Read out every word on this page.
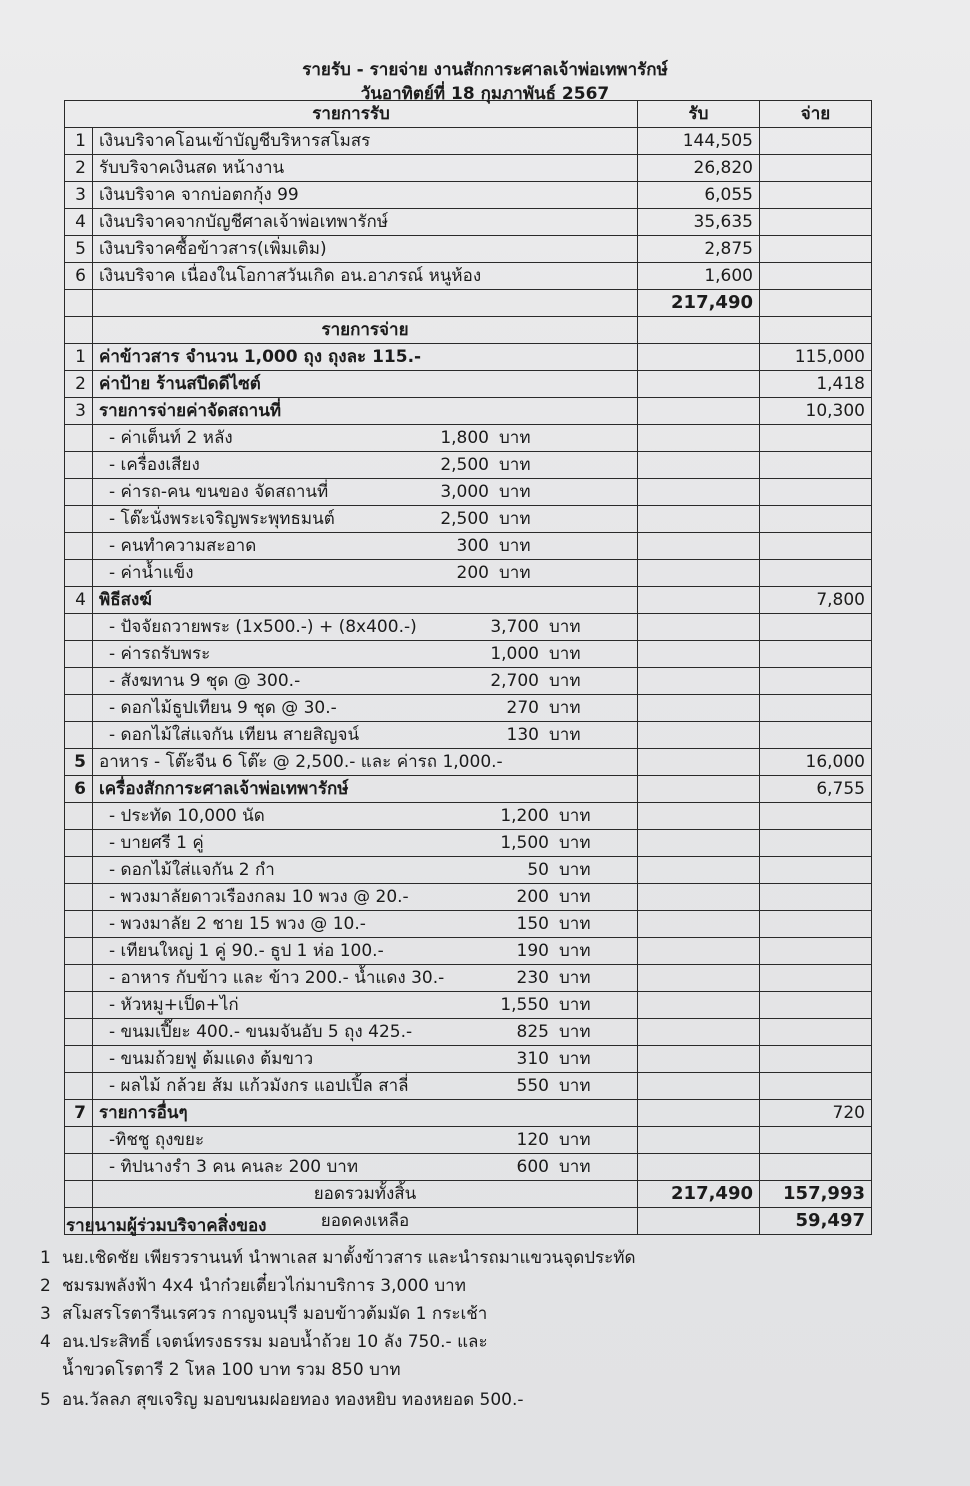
รายรับ - รายจ่าย งานสักการะศาลเจ้าพ่อเทพารักษ์
วันอาทิตย์ที่ 18 กุมภาพันธ์ 2567
รายการรับ		รับ	จ่าย
1	เงินบริจาคโอนเข้าบัญชีบริหารสโมสร	144,505	
2	รับบริจาคเงินสด หน้างาน	26,820	
3	เงินบริจาค จากบ่อตกกุ้ง 99	6,055	
4	เงินบริจาคจากบัญชีศาลเจ้าพ่อเทพารักษ์	35,635	
5	เงินบริจาคซื้อข้าวสาร(เพิ่มเติม)	2,875	
6	เงินบริจาค เนื่องในโอกาสวันเกิด อน.อาภรณ์ หนูห้อง	1,600	
		217,490	
	รายการจ่าย		
1	ค่าข้าวสาร จำนวน 1,000 ถุง ถุงละ 115.-		115,000
2	ค่าป้าย ร้านสปีดดีไซต์		1,418
3	รายการจ่ายค่าจัดสถานที่		10,300

	- ค่าเต็นท์ 2 หลัง 1,800 บาท		

	- เครื่องเสียง 2,500 บาท		

	- ค่ารถ-คน ขนของ จัดสถานที่ 3,000 บาท		

	- โต๊ะนั่งพระเจริญพระพุทธมนต์ 2,500 บาท		

	- คนทำความสะอาด 300 บาท		

	- ค่าน้ำแข็ง 200 บาท		

4	พิธีสงฆ์		7,800

	- ปัจจัยถวายพระ (1x500.-) + (8x400.-) 3,700 บาท		

	- ค่ารถรับพระ 1,000 บาท		

	- สังฆทาน 9 ชุด @ 300.- 2,700 บาท		

	- ดอกไม้ธูปเทียน 9 ชุด @ 30.- 270 บาท		

	- ดอกไม้ใส่แจกัน เทียน สายสิญจน์ 130 บาท		

5	อาหาร - โต๊ะจีน 6 โต๊ะ @ 2,500.- และ ค่ารถ 1,000.-		16,000
6	เครื่องสักการะศาลเจ้าพ่อเทพารักษ์		6,755

	- ประทัด 10,000 นัด 1,200 บาท		

	- บายศรี 1 คู่ 1,500 บาท		

	- ดอกไม้ใส่แจกัน 2 กำ 50 บาท		

	- พวงมาลัยดาวเรืองกลม 10 พวง @ 20.- 200 บาท		

	- พวงมาลัย 2 ชาย 15 พวง @ 10.- 150 บาท		

	- เทียนใหญ่ 1 คู่ 90.- ธูป 1 ห่อ 100.- 190 บาท		

	- อาหาร กับข้าว และ ข้าว 200.- น้ำแดง 30.- 230 บาท		

	- หัวหมู+เป็ด+ไก่ 1,550 บาท		

	- ขนมเปี๊ยะ 400.- ขนมจันอับ 5 ถุง 425.- 825 บาท		

	- ขนมถ้วยฟู ต้มแดง ต้มขาว 310 บาท		

	- ผลไม้ กล้วย ส้ม แก้วมังกร แอปเปิ้ล สาลี่ 550 บาท		

7	รายการอื่นๆ		720

	-ทิชชู ถุงขยะ 120 บาท		

	- ทิปนางรำ 3 คน คนละ 200 บาท 600 บาท		

	ยอดรวมทั้งสิ้น	217,490	157,993
	ยอดคงเหลือ		59,497
รายนามผู้ร่วมบริจาคสิ่งของ
1 นย.เชิดชัย เพียรวรานนท์ นำพาเลส มาตั้งข้าวสาร และนำรถมาแขวนจุดประทัด
2 ชมรมพลังฟ้า 4x4 นำก๋วยเตี๋ยวไก่มาบริการ 3,000 บาท
3 สโมสรโรตารีนเรศวร กาญจนบุรี มอบข้าวต้มมัด 1 กระเช้า
4 อน.ประสิทธิ์ เจตน์ทรงธรรม มอบน้ำถ้วย 10 ลัง 750.- และ
น้ำขวดโรตารี 2 โหล 100 บาท รวม 850 บาท
5 อน.วัลลภ สุขเจริญ มอบขนมฝอยทอง ทองหยิบ ทองหยอด 500.-
